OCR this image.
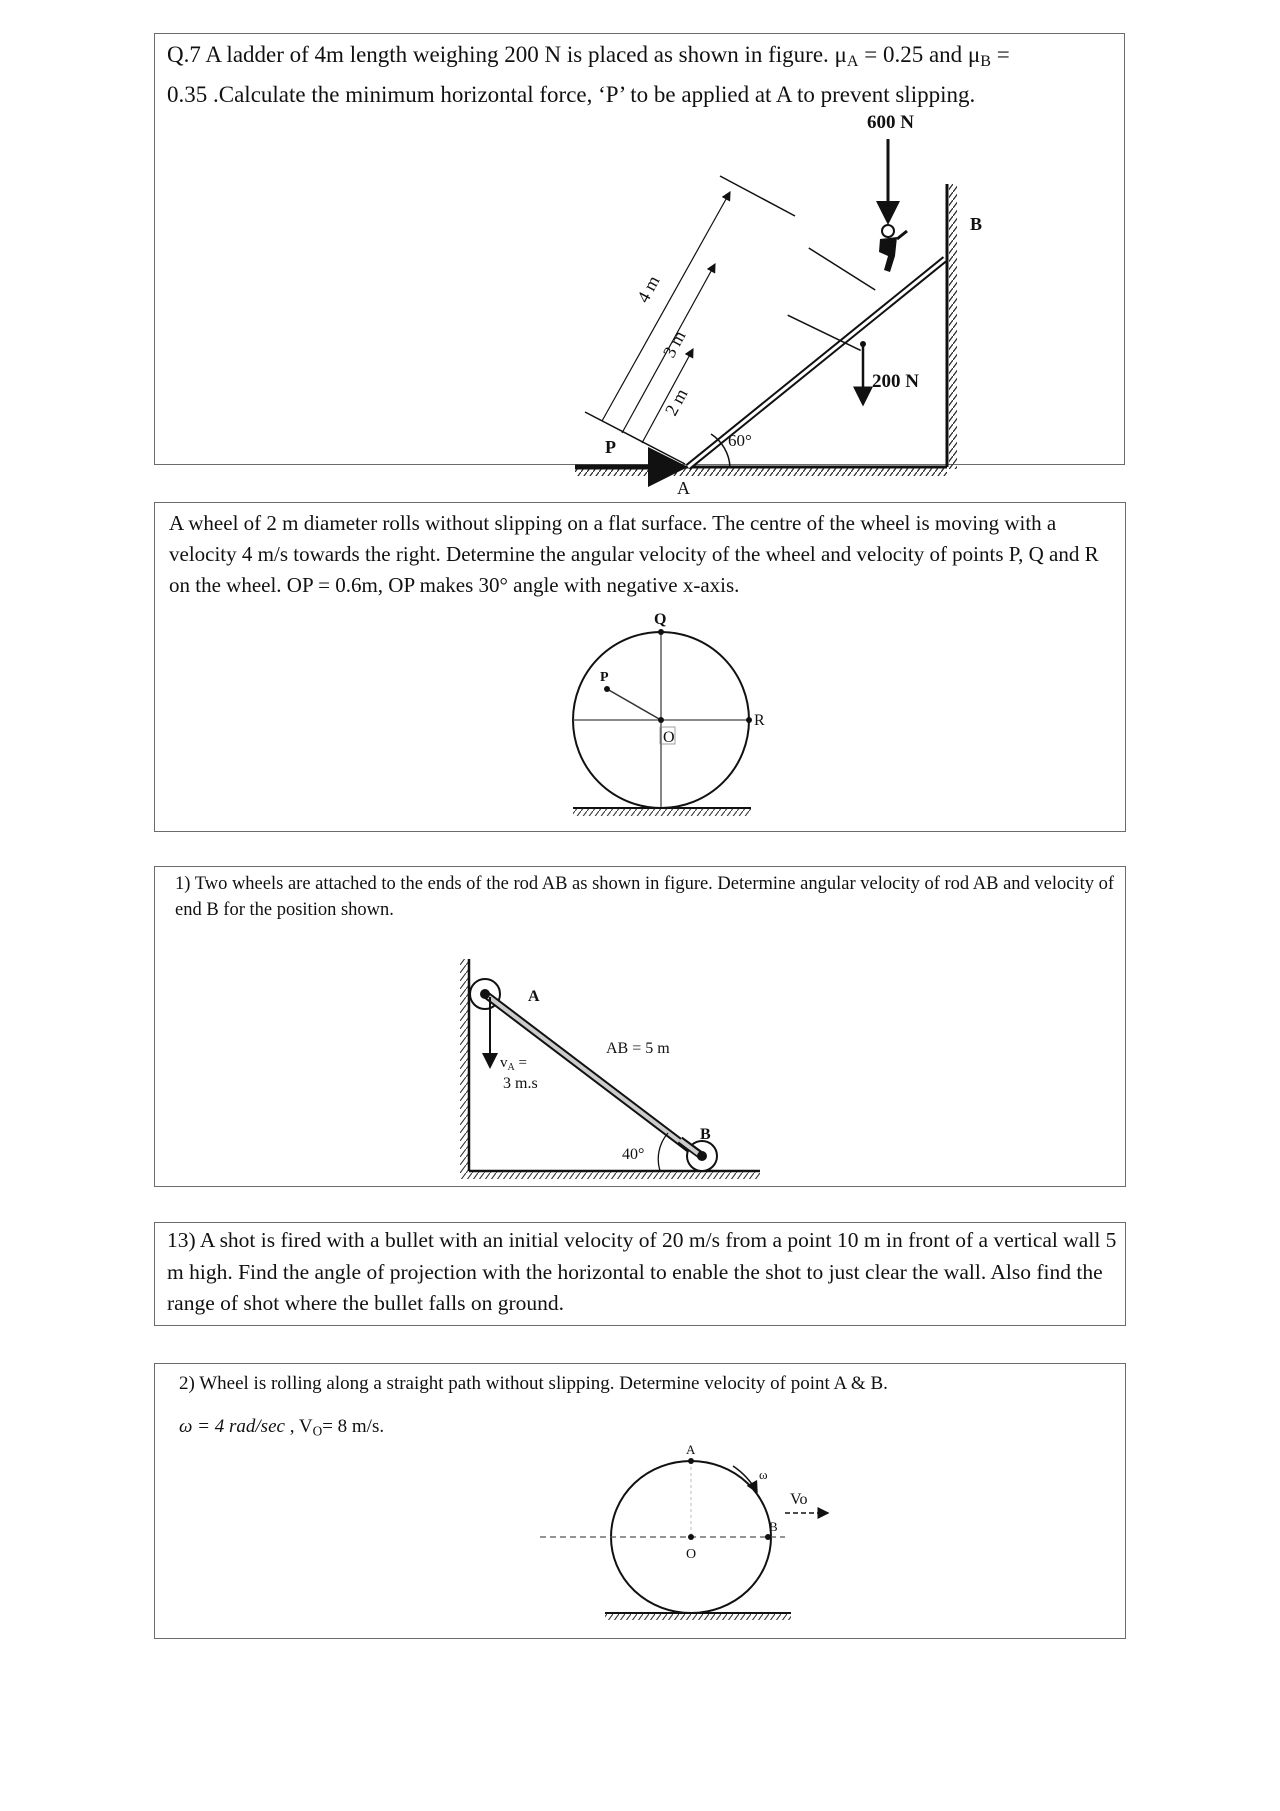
Q.7 A ladder of 4m length weighing 200 N is placed as shown in figure. $\mu_A = 0.25$ and $\mu_B$ =
0.35 .Calculate the minimum horizontal force, ‘P’ to be applied at A to prevent slipping.
60°
P
A
B
600 N
200 N
4 m
3 m
2 m
A wheel of 2 m diameter rolls without slipping on a flat surface. The centre of the wheel is moving with a velocity 4 m/s towards the right. Determine the angular velocity of the wheel and velocity of points P, Q and R on the wheel. OP = 0.6m, OP makes 30° angle with negative x-axis.
Q
P
R
O
1) Two wheels are attached to the ends of the rod AB as shown in figure. Determine angular velocity of rod AB and velocity of end B for the position shown.
$v_A$ =
3 m.s
40°
A
B
AB = 5 m
13) A shot is fired with a bullet with an initial velocity of 20 m/s from a point 10 m in front of a vertical wall 5 m high. Find the angle of projection with the horizontal to enable the shot to just clear the wall. Also find the range of shot where the bullet falls on ground.
2) Wheel is rolling along a straight path without slipping. Determine velocity of point A & B.
ω = 4 rad/sec , $V_O= 8$ m/s.
A
O
B
ω
Vo
